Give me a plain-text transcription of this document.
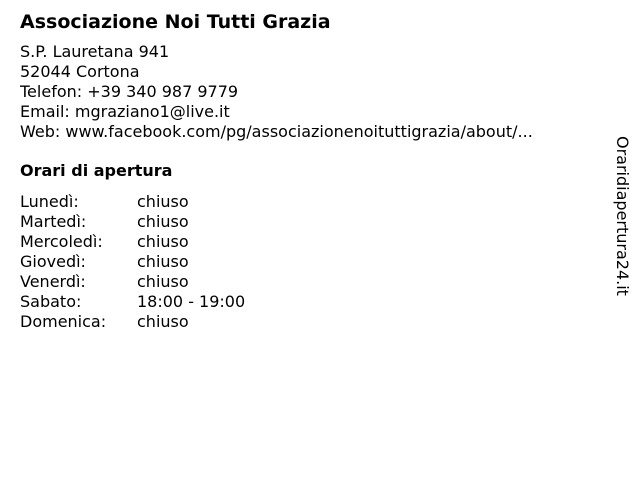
Associazione Noi Tutti Grazia
S.P. Lauretana 941
52044 Cortona
Telefon: +39 340 987 9779
Email: mgraziano1@live.it
Web: www.facebook.com/pg/associazionenoituttigrazia/about/...
Orari di apertura
Lunedì:	chiuso
Martedì:	chiuso
Mercoledì:	chiuso
Giovedì:	chiuso
Venerdì:	chiuso
Sabato:	18:00 - 19:00
Domenica:	chiuso
Oraridiapertura24.it
